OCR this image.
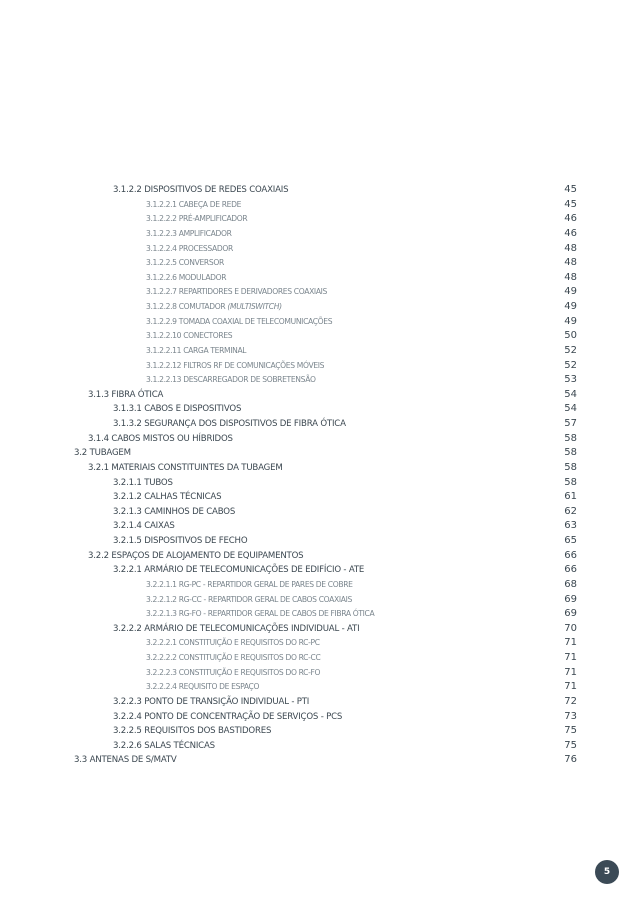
3.1.2.2 DISPOSITIVOS DE REDES COAXIAIS	45
3.1.2.2.1 CABEÇA DE REDE	45
3.1.2.2.2 PRÉ-AMPLIFICADOR	46
3.1.2.2.3 AMPLIFICADOR	46
3.1.2.2.4 PROCESSADOR	48
3.1.2.2.5 CONVERSOR	48
3.1.2.2.6 MODULADOR	48
3.1.2.2.7 REPARTIDORES E DERIVADORES COAXIAIS	49
3.1.2.2.8 COMUTADOR (MULTISWITCH)	49
3.1.2.2.9 TOMADA COAXIAL DE TELECOMUNICAÇÕES	49
3.1.2.2.10 CONECTORES	50
3.1.2.2.11 CARGA TERMINAL	52
3.1.2.2.12 FILTROS RF DE COMUNICAÇÕES MÓVEIS	52
3.1.2.2.13 DESCARREGADOR DE SOBRETENSÃO	53
3.1.3 FIBRA ÓTICA	54
3.1.3.1 CABOS E DISPOSITIVOS	54
3.1.3.2 SEGURANÇA DOS DISPOSITIVOS DE FIBRA ÓTICA	57
3.1.4 CABOS MISTOS OU HÍBRIDOS	58
3.2 TUBAGEM	58
3.2.1 MATERIAIS CONSTITUINTES DA TUBAGEM	58
3.2.1.1 TUBOS	58
3.2.1.2 CALHAS TÉCNICAS	61
3.2.1.3 CAMINHOS DE CABOS	62
3.2.1.4 CAIXAS	63
3.2.1.5 DISPOSITIVOS DE FECHO	65
3.2.2 ESPAÇOS DE ALOJAMENTO DE EQUIPAMENTOS	66
3.2.2.1 ARMÁRIO DE TELECOMUNICAÇÕES DE EDIFÍCIO - ATE	66
3.2.2.1.1 RG-PC - REPARTIDOR GERAL DE PARES DE COBRE	68
3.2.2.1.2 RG-CC - REPARTIDOR GERAL DE CABOS COAXIAIS	69
3.2.2.1.3 RG-FO - REPARTIDOR GERAL DE CABOS DE FIBRA ÓTICA	69
3.2.2.2 ARMÁRIO DE TELECOMUNICAÇÕES INDIVIDUAL - ATI	70
3.2.2.2.1 CONSTITUIÇÃO E REQUISITOS DO RC-PC	71
3.2.2.2.2 CONSTITUIÇÃO E REQUISITOS DO RC-CC	71
3.2.2.2.3 CONSTITUIÇÃO E REQUISITOS DO RC-FO	71
3.2.2.2.4 REQUISITO DE ESPAÇO	71
3.2.2.3 PONTO DE TRANSIÇÃO INDIVIDUAL - PTI	72
3.2.2.4 PONTO DE CONCENTRAÇÃO DE SERVIÇOS - PCS	73
3.2.2.5 REQUISITOS DOS BASTIDORES	75
3.2.2.6 SALAS TÉCNICAS	75
3.3 ANTENAS DE S/MATV	76
5
